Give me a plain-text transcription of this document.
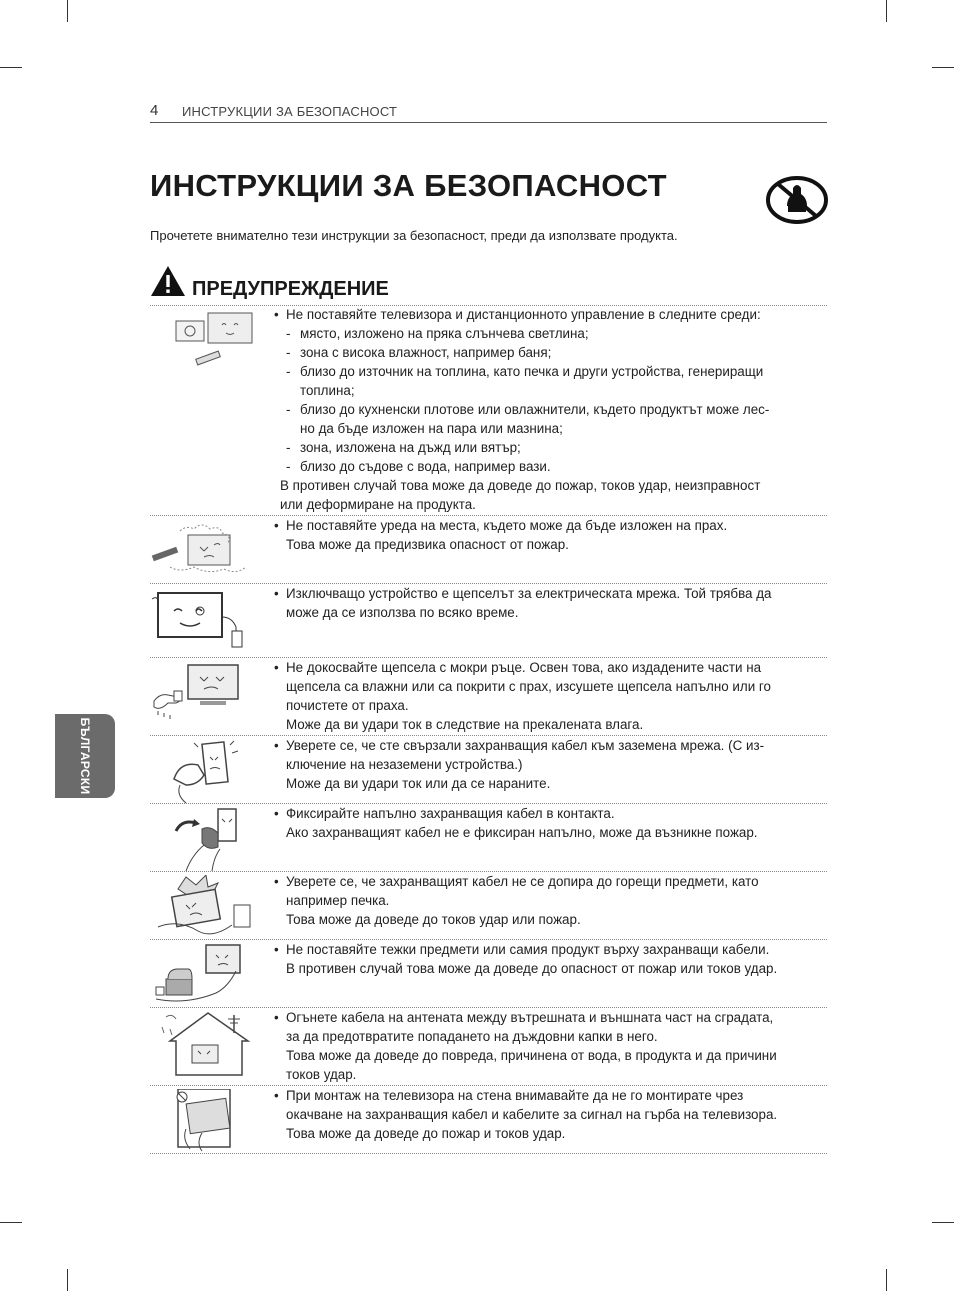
4 ИНСТРУКЦИИ ЗА БЕЗОПАСНОСТ
ИНСТРУКЦИИ ЗА БЕЗОПАСНОСТ
Прочетете внимателно тези инструкции за безопасност, преди да използвате продукта.
ПРЕДУПРЕЖДЕНИЕ
БЪЛГАРСКИ
• Не поставяйте телевизора и дистанционното управление в следните среди:
- място, изложено на пряка слънчева светлина;
- зона с висока влажност, например баня;
- близо до източник на топлина, като печка и други устройства, генериращи
топлина;
- близо до кухненски плотове или овлажнители, където продуктът може лес-
но да бъде изложен на пара или мазнина;
- зона, изложена на дъжд или вятър;
- близо до съдове с вода, например вази.
В противен случай това може да доведе до пожар, токов удар, неизправност
или деформиране на продукта.
• Не поставяйте уреда на места, където може да бъде изложен на прах.
Това може да предизвика опасност от пожар.
• Изключващо устройство е щепселът за електрическата мрежа. Той трябва да
може да се използва по всяко време.
• Не докосвайте щепсела с мокри ръце. Освен това, ако издадените части на
щепсела са влажни или са покрити с прах, изсушете щепсела напълно или го
почистете от праха.
Може да ви удари ток в следствие на прекалената влага.
• Уверете се, че сте свързали захранващия кабел към заземена мрежа. (С из-
ключение на незаземени устройства.)
Може да ви удари ток или да се нараните.
• Фиксирайте напълно захранващия кабел в контакта.
Ако захранващият кабел не е фиксиран напълно, може да възникне пожар.
• Уверете се, че захранващият кабел не се допира до горещи предмети, като
например печка.
Това може да доведе до токов удар или пожар.
• Не поставяйте тежки предмети или самия продукт върху захранващи кабели.
В противен случай това може да доведе до опасност от пожар или токов удар.
• Огънете кабела на антената между вътрешната и външната част на сградата,
за да предотвратите попадането на дъждовни капки в него.
Това може да доведе до повреда, причинена от вода, в продукта и да причини
токов удар.
• При монтаж на телевизора на стена внимавайте да не го монтирате чрез
окачване на захранващия кабел и кабелите за сигнал на гърба на телевизора.
Това може да доведе до пожар и токов удар.
